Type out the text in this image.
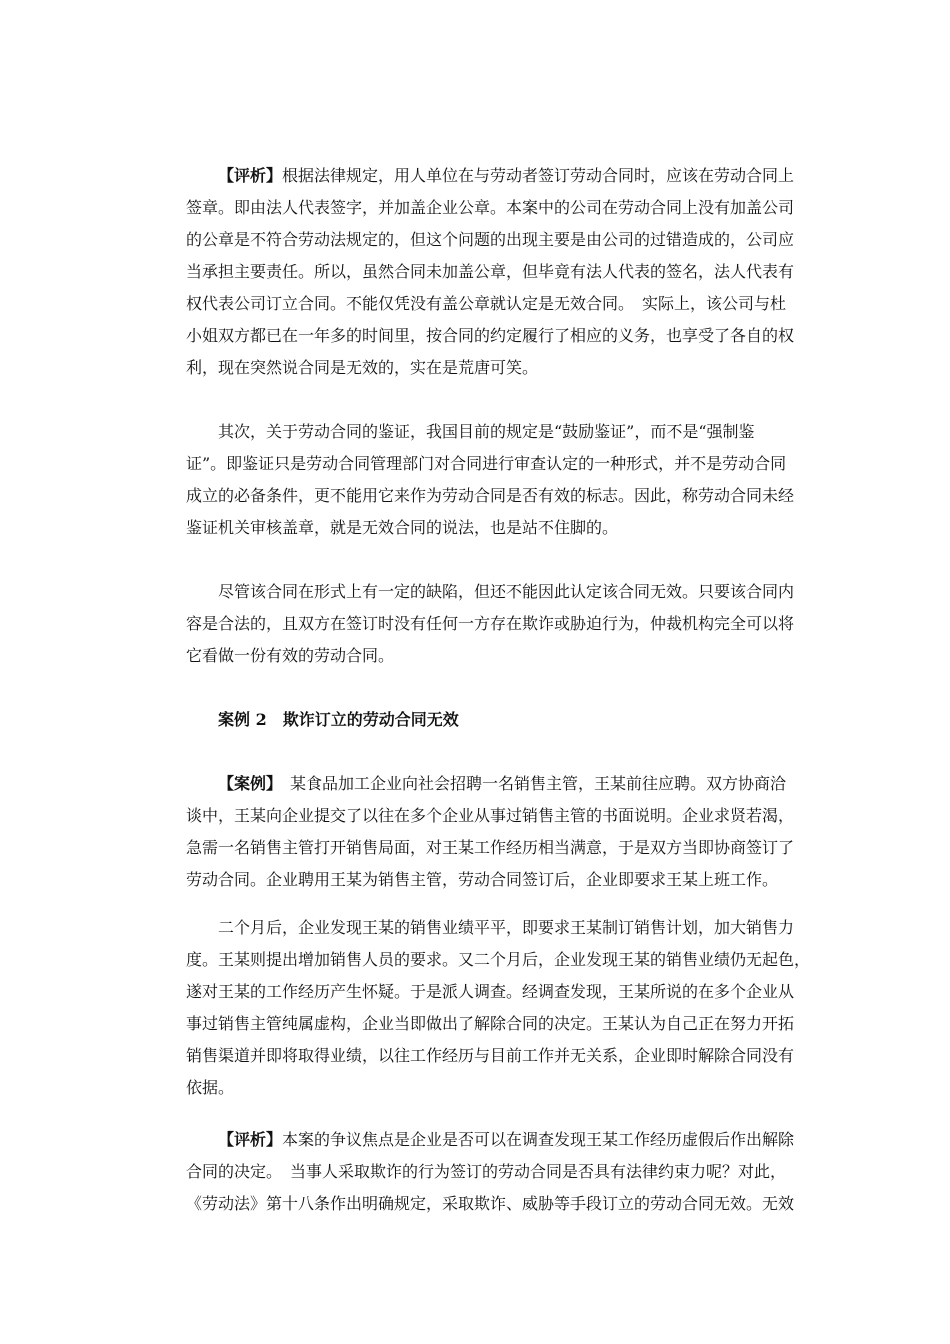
【评析】根据法律规定，用人单位在与劳动者签订劳动合同时，应该在劳动合同上
签章。即由法人代表签字，并加盖企业公章。本案中的公司在劳动合同上没有加盖公司
的公章是不符合劳动法规定的，但这个问题的出现主要是由公司的过错造成的，公司应
当承担主要责任。所以，虽然合同未加盖公章，但毕竟有法人代表的签名，法人代表有
权代表公司订立合同。不能仅凭没有盖公章就认定是无效合同。　实际上，该公司与杜
小姐双方都已在一年多的时间里，按合同的约定履行了相应的义务，也享受了各自的权
利，现在突然说合同是无效的，实在是荒唐可笑。
其次，关于劳动合同的鉴证，我国目前的规定是“鼓励鉴证”，而不是“强制鉴
证”。即鉴证只是劳动合同管理部门对合同进行审查认定的一种形式，并不是劳动合同
成立的必备条件，更不能用它来作为劳动合同是否有效的标志。因此，称劳动合同未经
鉴证机关审核盖章，就是无效合同的说法，也是站不住脚的。
尽管该合同在形式上有一定的缺陷，但还不能因此认定该合同无效。只要该合同内
容是合法的，且双方在签订时没有任何一方存在欺诈或胁迫行为，仲裁机构完全可以将
它看做一份有效的劳动合同。
案例 2　欺诈订立的劳动合同无效
【案例】　某食品加工企业向社会招聘一名销售主管，王某前往应聘。双方协商洽
谈中，王某向企业提交了以往在多个企业从事过销售主管的书面说明。企业求贤若渴，
急需一名销售主管打开销售局面，对王某工作经历相当满意，于是双方当即协商签订了
劳动合同。企业聘用王某为销售主管，劳动合同签订后，企业即要求王某上班工作。
二个月后，企业发现王某的销售业绩平平，即要求王某制订销售计划，加大销售力
度。王某则提出增加销售人员的要求。又二个月后，企业发现王某的销售业绩仍无起色，
遂对王某的工作经历产生怀疑。于是派人调查。经调查发现，王某所说的在多个企业从
事过销售主管纯属虚构，企业当即做出了解除合同的决定。王某认为自己正在努力开拓
销售渠道并即将取得业绩，以往工作经历与目前工作并无关系，企业即时解除合同没有
依据。
【评析】本案的争议焦点是企业是否可以在调查发现王某工作经历虚假后作出解除
合同的决定。　当事人采取欺诈的行为签订的劳动合同是否具有法律约束力呢？对此，
《劳动法》第十八条作出明确规定，采取欺诈、威胁等手段订立的劳动合同无效。无效
